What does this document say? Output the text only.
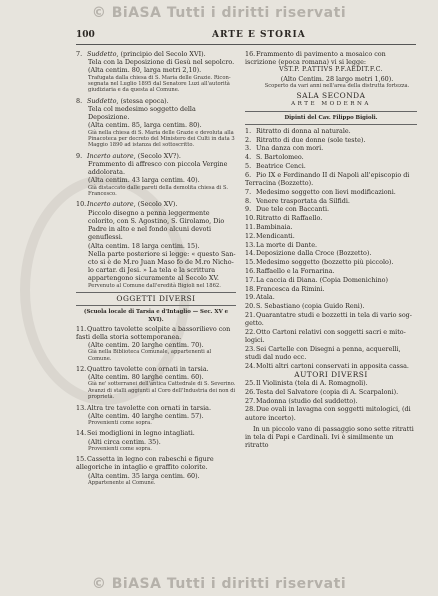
© BiASA Tutti i diritti riservati
100	ARTE E STORIA

7. Suddetto, (principio del Secolo XVI).

Tela con la Deposizione di Gesù nel sepolcro.

(Alta centim. 80, larga metri 2,10).

Trafugata dalla chiesa di S. Maria delle Grazie. Riconsegnata nel Luglio 1895 dal Senatore Luzi all'autorità giudiziaria e da questa al Comune.

8. Suddetto, (stessa epoca).

Tela col medesimo soggetto della Deposizione.

(Alta centim. 85, larga centim. 80).

Già nella chiesa di S. Maria delle Grazie e devoluta alla Pinacoteca per decreto del Ministero dei Culti in data 3 Maggio 1890 ad istanza del sottoscritto.

9. Incerto autore, (Secolo XV?).

Frammento di affresco con piccola Vergine addolorata.

(Alta centim. 43 larga centim. 40).

Già distaccato dalle pareti della demolita chiesa di S. Francesco.

10.Incerto autore, (Secolo XV).

Piccolo disegno a penna leggermente colorito, con S. Agostino, S. Girolamo, Dio Padre in alto e nel fondo alcuni devoti genuflessi.

(Alta centim. 18 larga centim. 15).

Nella parte posteriore si legge: « questo Sancto si è de M.ro Juan Maso fo de M.ro Nicholo cartar. di Jesi. » La tela e la scrittura appartengono sicuramente al Secolo XV.

Pervenuto al Comune dall'eredità Bigioli nel 1862.

OGGETTI DIVERSI

(Scuola locale di Tarsia e d'Intaglio — Sec. XV e XVI).

11.Quattro tavolette scolpite a bassorilievo con fasti della storia sottemporanea.

(Alte centim. 20 larghe centim. 70).

Già nella Biblioteca Comunale, appartenenti al Comune.

12.Quattro tavolette con ornati in tarsia.

(Alte centim. 80 larghe centim. 60).

Già ne' sotterranei dell'antica Cattedrale di S. Severino. Avanzi di stalli aggiunti al Coro dell'Industria dei non di proprietà.

13.Altra tre tavolette con ornati in tarsia.

(Alte centim. 40 larghe centim. 57).

Provenienti come sopra.

14.Sei modiglioni in legno intagliati.

(Alti circa centim. 35).

Provenienti come sopra.

15.Cassetta in legno con rabeschi e figure allegoriche in intaglio e graffito colorite.

(Alta centim. 35 larga centim. 60).

Appartenente al Comune.

16.Frammento di pavimento a mosaico con iscrizione (epoca romana) vi si legge:

VST.P. P.ATTIVS P.F.AEDIT.F.C.

(Alto Centim. 28 largo metri 1,60).

Scoperto da vari anni nell'area della distrutta fortezza.

SALA SECONDA

ARTE MODERNA

Dipinti del Cav. Filippo Bigioli.

1. Ritratto di donna al naturale.

2. Ritratto di due donne (sole teste).

3. Una danza con mori.

4. S. Bartolomeo.

5. Beatrice Cenci.

6. Pio IX e Ferdinando II di Napoli all'episcopio di Terracina (Bozzetto).

7. Medesimo soggetto con lievi modificazioni.

8. Venere trasportata da Silfidi.

9. Due tele con Baccanti.

10.Ritratto di Raffaello.

11.Bambinaia.

12.Mendicanti.

13.La morte di Dante.

14.Deposizione dalla Croce (Bozzetto).

15.Medesimo soggetto (bozzetto più piccolo).

16.Raffaello e la Fornarina.

17.La caccia di Diana. (Copia Domenichino)

18.Francesca da Rimini.

19.Atala.

20.S. Sebastiano (copia Guido Reni).

21.Quarantatre studi e bozzetti in tela di vario soggetto.

22.Otto Cartoni relativi con soggetti sacri e mitologici.

23.Sei Cartelle con Disegni a penna, acquerelli, studi dal nudo ecc.

24.Molti altri cartoni conservati in apposita cassa.

AUTORI DIVERSI

25.Il Violinista (tela di A. Romagnoli).

26.Testa del Salvatore (copia di A. Scarpaloni).

27.Madonna (studio del suddetto).

28.Due ovali in lavagna con soggetti mitologici, (di autore incerto).

In un piccolo vano di passaggio sono sette ritratti in tela di Papi e Cardinali. Ivi è similmente un ritratto

© BiASA Tutti i diritti riservati
